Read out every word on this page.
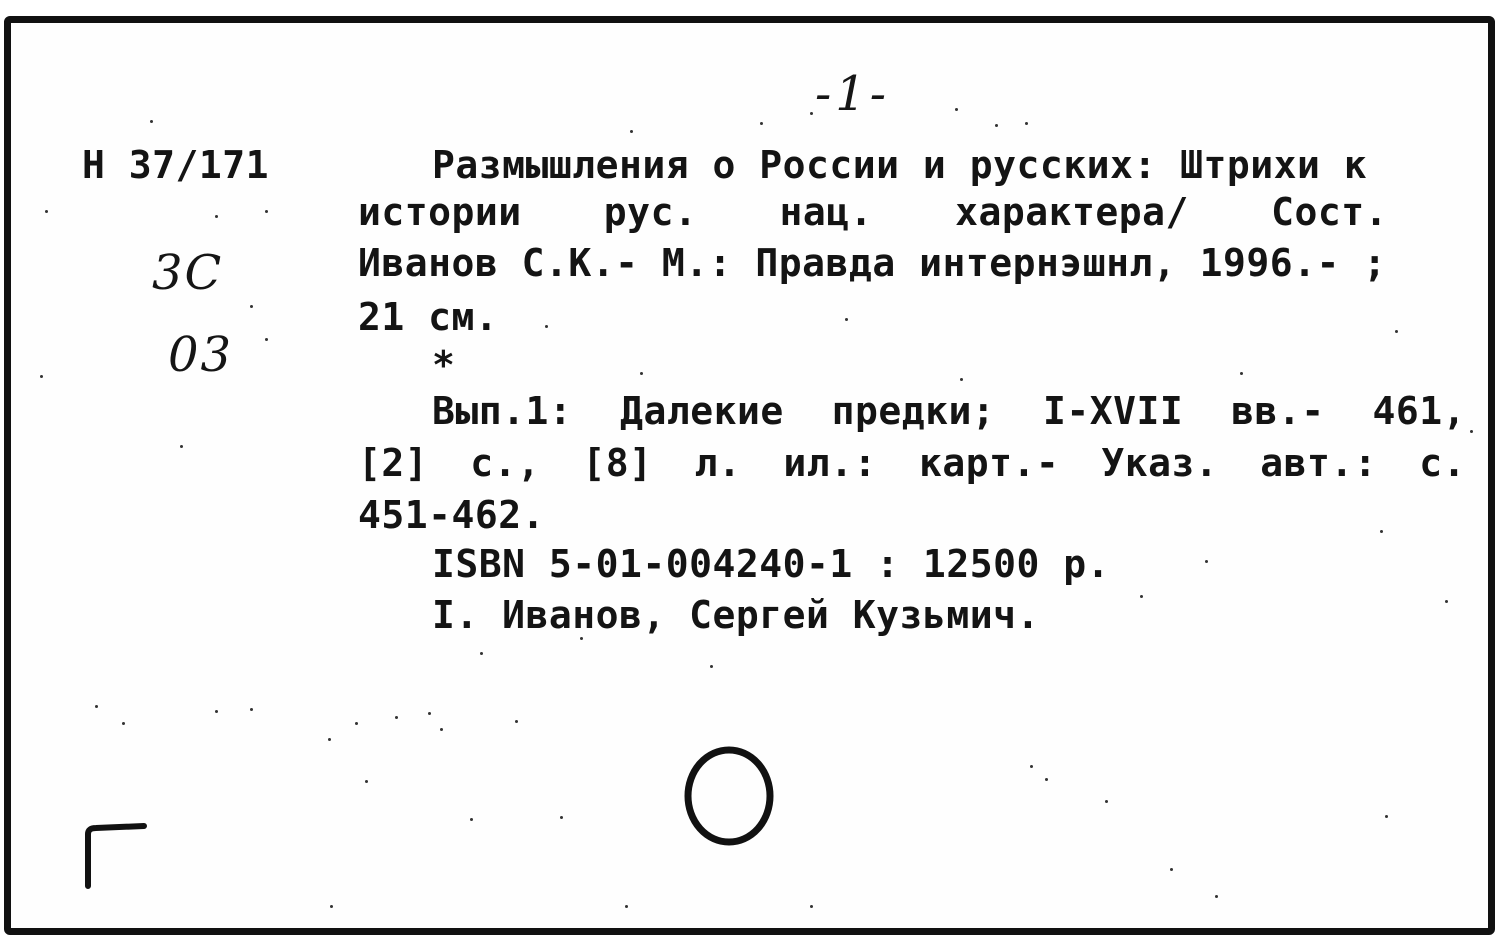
-1-
Н 37/171
3С
03
Размышления о России и русских: Штрихи к
истории рус. нац. характера/ Сост.
Иванов С.К.- М.: Правда интернэшнл, 1996.- ;
21 см.
*
Вып.1: Далекие предки; I-XVII вв.- 461,
[2] с., [8] л. ил.: карт.- Указ. авт.: с.
451-462.
ISBN 5-01-004240-1 : 12500 р.
I. Иванов, Сергей Кузьмич.
